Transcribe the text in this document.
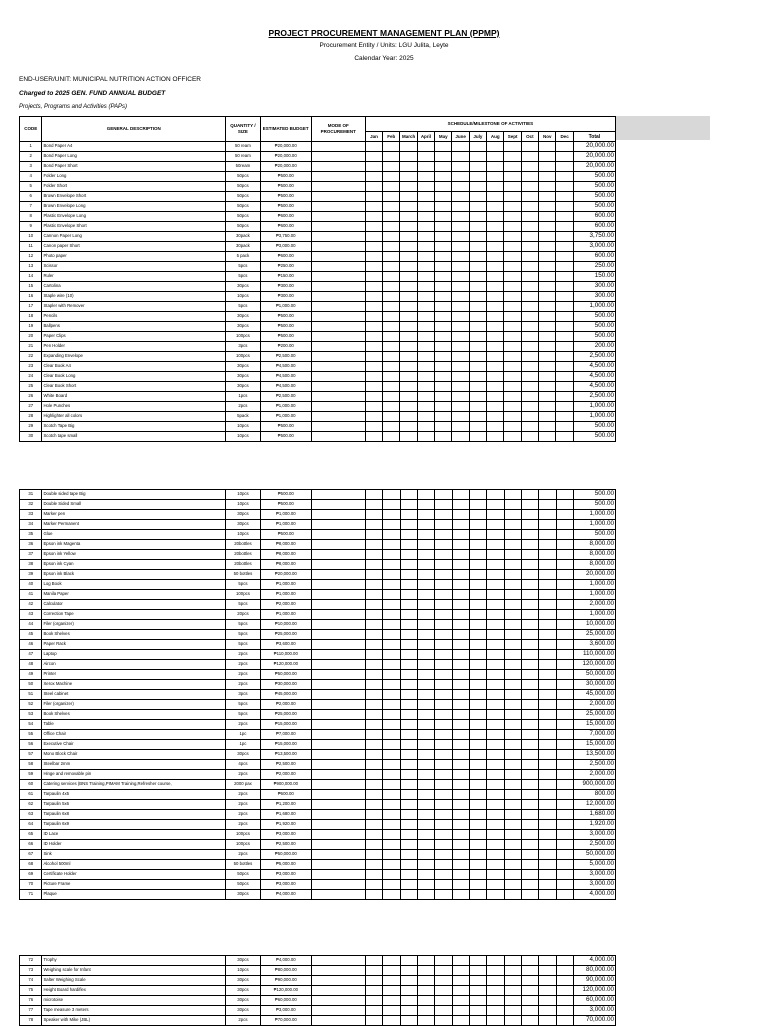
PROJECT PROCUREMENT MANAGEMENT PLAN (PPMP)
Procurement Entity / Units: LGU Julita, Leyte
Calendar Year: 2025
END-USER/UNIT: MUNICIPAL NUTRITION ACTION OFFICER
Charged to 2025 GEN. FUND ANNUAL BUDGET
Projects, Programs and Activities (PAPs)
CODE	GENERAL DESCRIPTION	QUANTITY / SIZE	ESTIMATED BUDGET	MODE OF PROCUREMENT	SCHEDULE/MILESTONE OF ACTIVITIES												
					Jan	Feb	March	April	May	June	July	Aug	Sept	Oct	Nov	Dec	Total
1	Bond Paper A4	50 ream	₱20,000.00														20,000.00
2	Bond Paper Long	50 ream	₱20,000.00														20,000.00
3	Bond Paper Short	50ream	₱20,000.00														20,000.00
4	Folder Long	50pcs	₱500.00														500.00
5	Folder Short	50pcs	₱500.00														500.00
6	Brown Envelope Short	50pcs	₱500.00														500.00
7	Brown Envelope Long	50pcs	₱500.00														500.00
8	Plastic Envelope Long	50pcs	₱600.00														600.00
9	Plastic Envelope Short	50pcs	₱600.00														600.00
10	Cannon Paper Long	30pack	₱3,750.00														3,750.00
11	Canon paper Short	30pack	₱3,000.00														3,000.00
12	Photo paper	5 pack	₱600.00														600.00
13	Scissor	5pcs	₱250.00														250.00
14	Ruler	5pcs	₱150.00														150.00
15	Cartolina	30pcs	₱300.00														300.00
16	Staple wire (10)	10pcs	₱300.00														300.00
17	Stapler with Remover	5pcs	₱1,000.00														1,000.00
18	Pencils	30pcs	₱500.00														500.00
19	Ballpens	30pcs	₱500.00														500.00
20	Paper Clips	100pcs	₱500.00														500.00
21	Pen Holder	3pcs	₱200.00														200.00
22	Expanding Envelope	100pcs	₱2,500.00														2,500.00
23	Clear Book A4	30pcs	₱4,500.00														4,500.00
24	Clear Book Long	30pcs	₱4,500.00														4,500.00
25	Clear Book Short	30pcs	₱4,500.00														4,500.00
26	White Board	1pcs	₱2,500.00														2,500.00
27	Hole Punches	2pcs	₱1,000.00														1,000.00
28	Highlighter all colors	5pack	₱1,000.00														1,000.00
29	Scotch Tape Big	10pcs	₱500.00														500.00
30	Scotch tape small	10pcs	₱500.00														500.00
31	Double sided tape Big	10pcs	₱500.00														500.00
32	Double Sided Small	10pcs	₱500.00														500.00
33	Marker pen	30pcs	₱1,000.00														1,000.00
34	Marker Permanent	30pcs	₱1,000.00														1,000.00
35	Glue	10pcs	₱500.00														500.00
36	Epson ink Magenta	20bottles	₱8,000.00														8,000.00
37	Epson ink Yellow	20bottles	₱8,000.00														8,000.00
38	Epson ink Cyan	20bottles	₱8,000.00														8,000.00
39	Epson ink Black	50 bottles	₱20,000.00														20,000.00
40	Log Book	5pcs	₱1,000.00														1,000.00
41	Manila Paper	100pcs	₱1,000.00														1,000.00
42	Calculator	5pcs	₱2,000.00														2,000.00
43	Correction Tape	20pcs	₱1,000.00														1,000.00
44	Filer (organizer)	5pcs	₱10,000.00														10,000.00
45	Book Shelves	5pcs	₱25,000.00														25,000.00
46	Paper Rack	5pcs	₱3,600.00														3,600.00
47	Laptop	2pcs	₱110,000.00														110,000.00
48	Aircon	2pcs	₱120,000.00														120,000.00
49	Printer	2pcs	₱50,000.00														50,000.00
50	Xerox Machine	2pcs	₱30,000.00														30,000.00
51	Steel cabinet	3pcs	₱45,000.00														45,000.00
52	Filer (organizer)	5pcs	₱2,000.00														2,000.00
53	Book Shelves	5pcs	₱25,000.00														25,000.00
54	Table	2pcs	₱15,000.00														15,000.00
55	Office Chair	1pc	₱7,000.00														7,000.00
56	Executive Chair	1pc	₱15,000.00														15,000.00
57	Mono Block Chair	30pcs	₱13,500.00														13,500.00
58	Steelbar 2mm	4pcs	₱2,500.00														2,500.00
59	Hinge and removable pin	2pcs	₱2,000.00														2,000.00
60	Catering services (BNS Training,PIMAM Training,Refresher course,	2000 pax	₱900,000.00														900,000.00
61	Tarpaulin 4x5	2pcs	₱600.00														800.00
62	Tarpaulin 5x6	2pcs	₱1,200.00														12,000.00
63	Tarpaulin 6x8	2pcs	₱1,680.00														1,680.00
64	Tarpaulin 6x9	2pcs	₱1,920.00														1,920.00
65	ID Lace	100pcs	₱3,000.00														3,000.00
66	ID Holder	100pcs	₱2,500.00														2,500.00
67	Sink	2pcs	₱50,000.00														50,000.00
68	Alcohol 500ml	50 bottles	₱5,000.00														5,000.00
69	Certificate Holder	50pcs	₱3,000.00														3,000.00
70	Picture Frame	50pcs	₱3,000.00														3,000.00
71	Plaque	30pcs	₱4,000.00														4,000.00
72	Trophy	30pcs	₱4,000.00														4,000.00
73	Weighing scale for Infant	10pcs	₱80,000.00														80,000.00
74	Salter Weighing Scale	30pcs	₱90,000.00														90,000.00
75	Height Board hardiflex	30pcs	₱120,000.00														120,000.00
76	microtoise	30pcs	₱60,000.00														60,000.00
77	Tape measure 3 meters	30pcs	₱3,000.00														3,000.00
78	Speaker with Mike (JBL)	2pcs	₱70,000.00														70,000.00
